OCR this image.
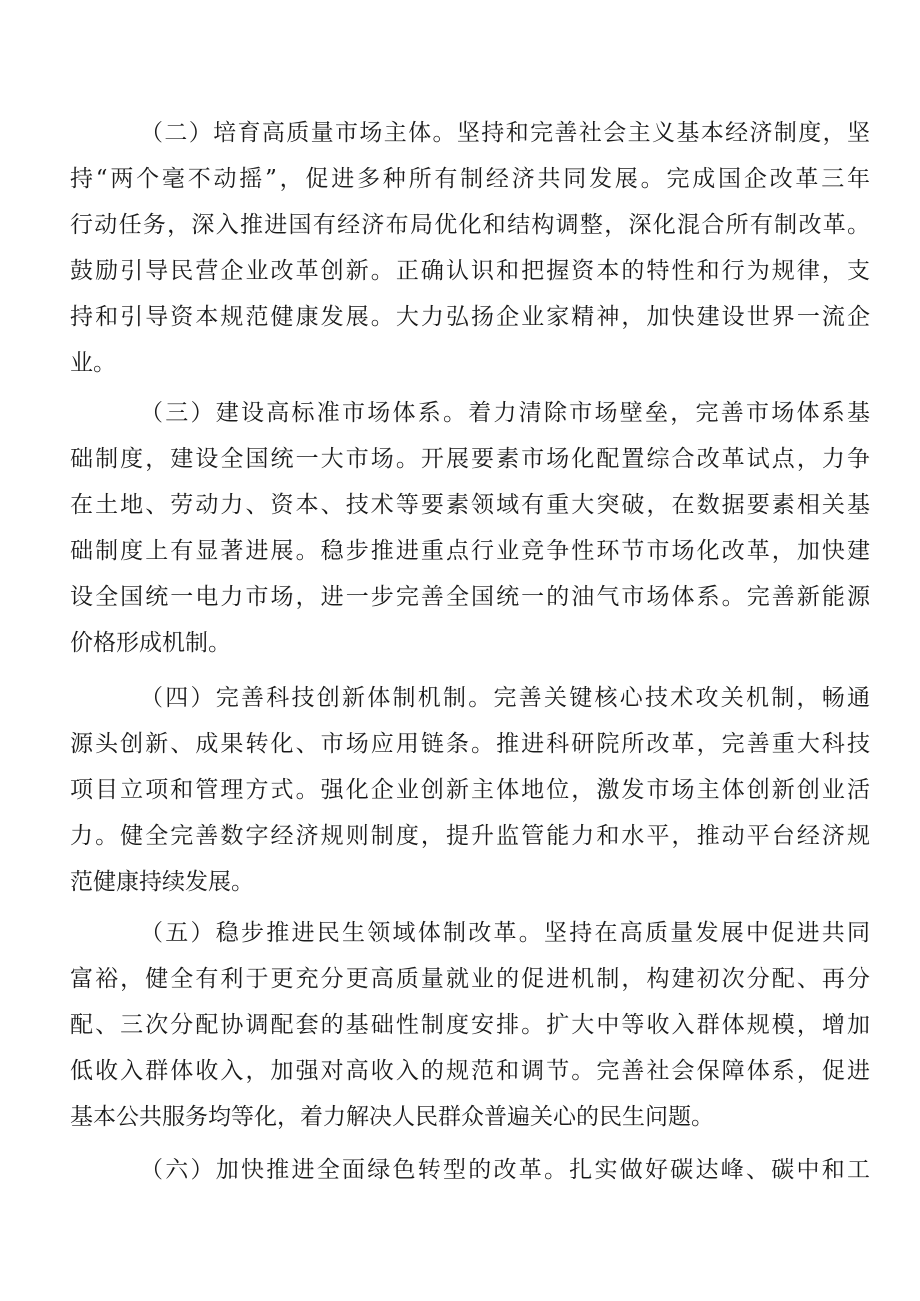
（二）培育高质量市场主体。坚持和完善社会主义基本经济制度，坚
持“两个毫不动摇”，促进多种所有制经济共同发展。完成国企改革三年
行动任务，深入推进国有经济布局优化和结构调整，深化混合所有制改革。
鼓励引导民营企业改革创新。正确认识和把握资本的特性和行为规律，支
持和引导资本规范健康发展。大力弘扬企业家精神，加快建设世界一流企
业。
（三）建设高标准市场体系。着力清除市场壁垒，完善市场体系基
础制度，建设全国统一大市场。开展要素市场化配置综合改革试点，力争
在土地、劳动力、资本、技术等要素领域有重大突破，在数据要素相关基
础制度上有显著进展。稳步推进重点行业竞争性环节市场化改革，加快建
设全国统一电力市场，进一步完善全国统一的油气市场体系。完善新能源
价格形成机制。
（四）完善科技创新体制机制。完善关键核心技术攻关机制，畅通
源头创新、成果转化、市场应用链条。推进科研院所改革，完善重大科技
项目立项和管理方式。强化企业创新主体地位，激发市场主体创新创业活
力。健全完善数字经济规则制度，提升监管能力和水平，推动平台经济规
范健康持续发展。
（五）稳步推进民生领域体制改革。坚持在高质量发展中促进共同
富裕，健全有利于更充分更高质量就业的促进机制，构建初次分配、再分
配、三次分配协调配套的基础性制度安排。扩大中等收入群体规模，增加
低收入群体收入，加强对高收入的规范和调节。完善社会保障体系，促进
基本公共服务均等化，着力解决人民群众普遍关心的民生问题。
（六）加快推进全面绿色转型的改革。扎实做好碳达峰、碳中和工
